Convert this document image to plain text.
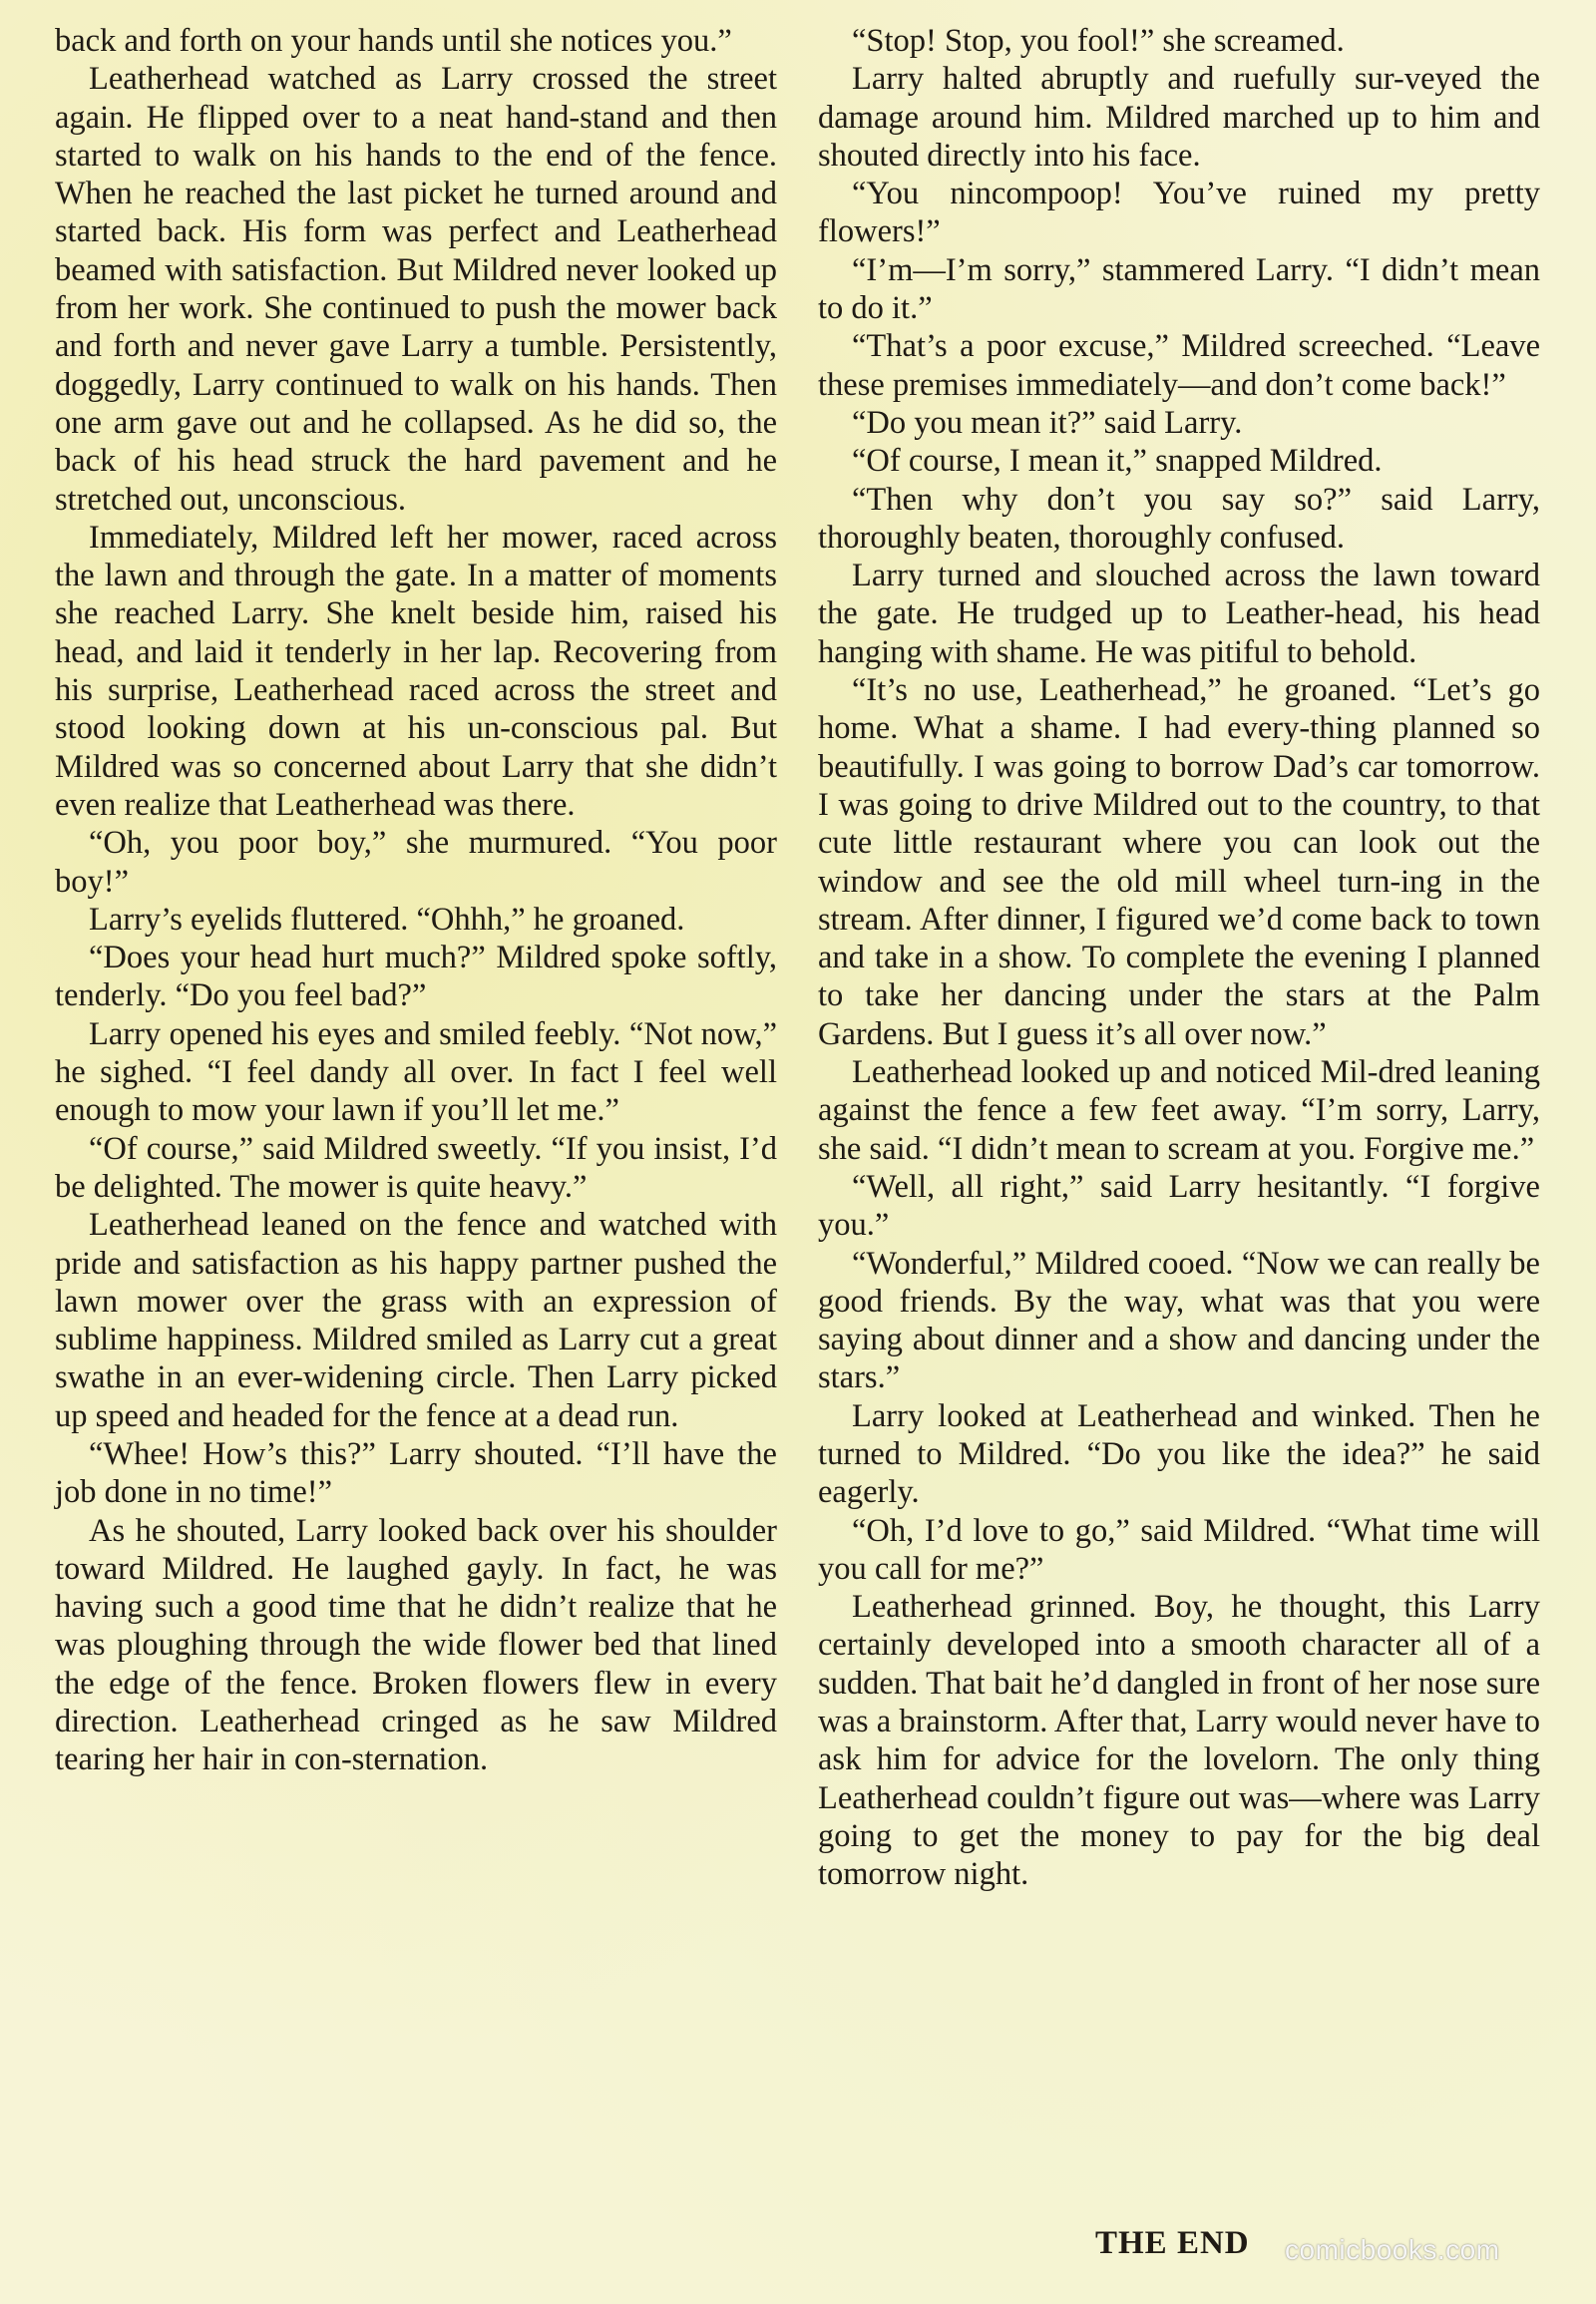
back and forth on your hands until she notices you.”

Leatherhead watched as Larry crossed the street again. He flipped over to a neat hand-stand and then started to walk on his hands to the end of the fence. When he reached the last picket he turned around and started back. His form was perfect and Leatherhead beamed with satisfaction. But Mildred never looked up from her work. She continued to push the mower back and forth and never gave Larry a tumble. Persistently, doggedly, Larry continued to walk on his hands. Then one arm gave out and he collapsed. As he did so, the back of his head struck the hard pavement and he stretched out, unconscious.

Immediately, Mildred left her mower, raced across the lawn and through the gate. In a matter of moments she reached Larry. She knelt beside him, raised his head, and laid it tenderly in her lap. Recovering from his surprise, Leatherhead raced across the street and stood looking down at his un-conscious pal. But Mildred was so concerned about Larry that she didn’t even realize that Leatherhead was there.

“Oh, you poor boy,” she murmured. “You poor boy!”

Larry’s eyelids fluttered. “Ohhh,” he groaned.

“Does your head hurt much?” Mildred spoke softly, tenderly. “Do you feel bad?”

Larry opened his eyes and smiled feebly. “Not now,” he sighed. “I feel dandy all over. In fact I feel well enough to mow your lawn if you’ll let me.”

“Of course,” said Mildred sweetly. “If you insist, I’d be delighted. The mower is quite heavy.”

Leatherhead leaned on the fence and watched with pride and satisfaction as his happy partner pushed the lawn mower over the grass with an expression of sublime happiness. Mildred smiled as Larry cut a great swathe in an ever-widening circle. Then Larry picked up speed and headed for the fence at a dead run.

“Whee! How’s this?” Larry shouted. “I’ll have the job done in no time!”

As he shouted, Larry looked back over his shoulder toward Mildred. He laughed gayly. In fact, he was having such a good time that he didn’t realize that he was ploughing through the wide flower bed that lined the edge of the fence. Broken flowers flew in every direction. Leatherhead cringed as he saw Mildred tearing her hair in con-sternation.

“Stop! Stop, you fool!” she screamed.

Larry halted abruptly and ruefully sur-veyed the damage around him. Mildred marched up to him and shouted directly into his face.

“You nincompoop! You’ve ruined my pretty flowers!”

“I’m—I’m sorry,” stammered Larry. “I didn’t mean to do it.”

“That’s a poor excuse,” Mildred screeched. “Leave these premises immediately—and don’t come back!”

“Do you mean it?” said Larry.

“Of course, I mean it,” snapped Mildred.

“Then why don’t you say so?” said Larry, thoroughly beaten, thoroughly confused.

Larry turned and slouched across the lawn toward the gate. He trudged up to Leather-head, his head hanging with shame. He was pitiful to behold.

“It’s no use, Leatherhead,” he groaned. “Let’s go home. What a shame. I had every-thing planned so beautifully. I was going to borrow Dad’s car tomorrow. I was going to drive Mildred out to the country, to that cute little restaurant where you can look out the window and see the old mill wheel turn-ing in the stream. After dinner, I figured we’d come back to town and take in a show. To complete the evening I planned to take her dancing under the stars at the Palm Gardens. But I guess it’s all over now.”

Leatherhead looked up and noticed Mil-dred leaning against the fence a few feet away. “I’m sorry, Larry, she said. “I didn’t mean to scream at you. Forgive me.”

“Well, all right,” said Larry hesitantly. “I forgive you.”

“Wonderful,” Mildred cooed. “Now we can really be good friends. By the way, what was that you were saying about dinner and a show and dancing under the stars.”

Larry looked at Leatherhead and winked. Then he turned to Mildred. “Do you like the idea?” he said eagerly.

“Oh, I’d love to go,” said Mildred. “What time will you call for me?”

Leatherhead grinned. Boy, he thought, this Larry certainly developed into a smooth character all of a sudden. That bait he’d dangled in front of her nose sure was a brainstorm. After that, Larry would never have to ask him for advice for the lovelorn. The only thing Leatherhead couldn’t figure out was—where was Larry going to get the money to pay for the big deal tomorrow night.

THE END comicbooks.com
